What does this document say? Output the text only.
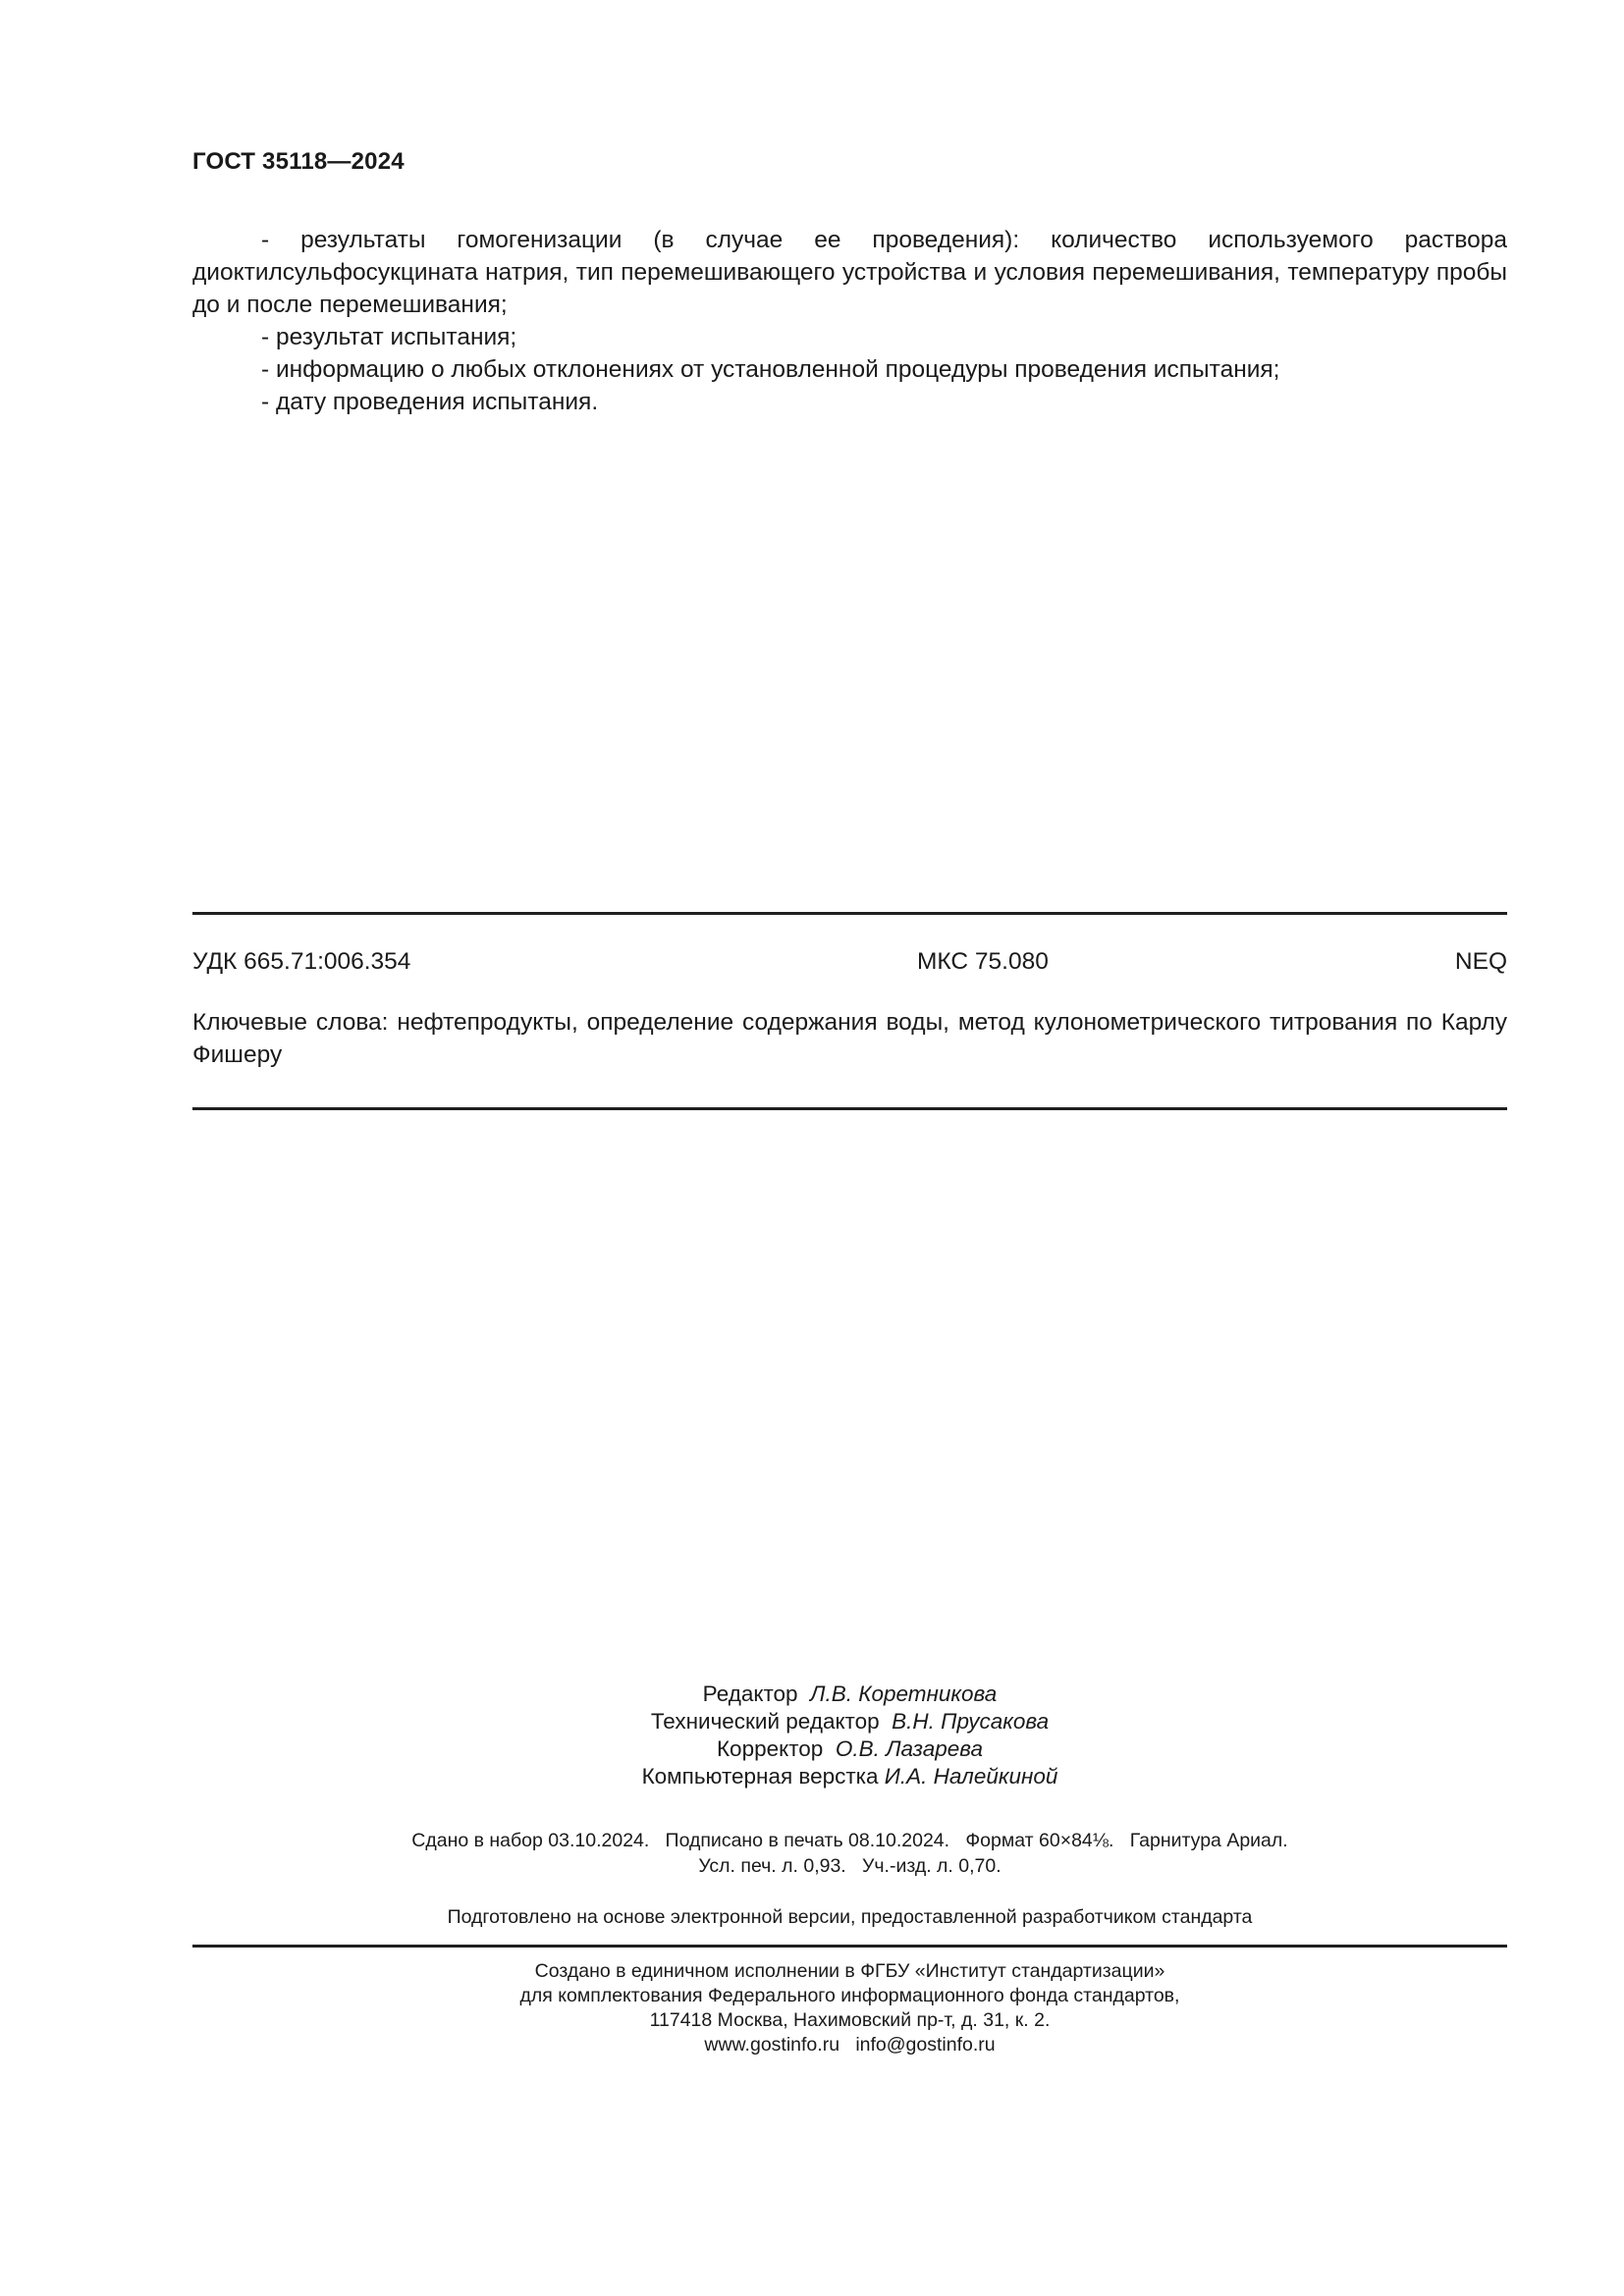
ГОСТ 35118—2024

- результаты гомогенизации (в случае ее проведения): количество используемого раствора диоктилсульфосукцината натрия, тип перемешивающего устройства и условия перемешивания, температуру пробы до и после перемешивания;

- результат испытания;

- информацию о любых отклонениях от установленной процедуры проведения испытания;

- дату проведения испытания.

УДК 665.71:006.354	МКС 75.080	NEQ
Ключевые слова: нефтепродукты, определение содержания воды, метод кулонометрического титрования по Карлу Фишеру
Редактор Л.В. Коретникова
Технический редактор В.Н. Прусакова
Корректор О.В. Лазарева
Компьютерная верстка И.А. Налейкиной
Сдано в набор 03.10.2024.   Подписано в печать 08.10.2024.   Формат 60×84⅛.   Гарнитура Ариал.
Усл. печ. л. 0,93.   Уч.-изд. л. 0,70.
Подготовлено на основе электронной версии, предоставленной разработчиком стандарта
Создано в единичном исполнении в ФГБУ «Институт стандартизации»
для комплектования Федерального информационного фонда стандартов,
117418 Москва, Нахимовский пр-т, д. 31, к. 2.
www.gostinfo.ru info@gostinfo.ru
